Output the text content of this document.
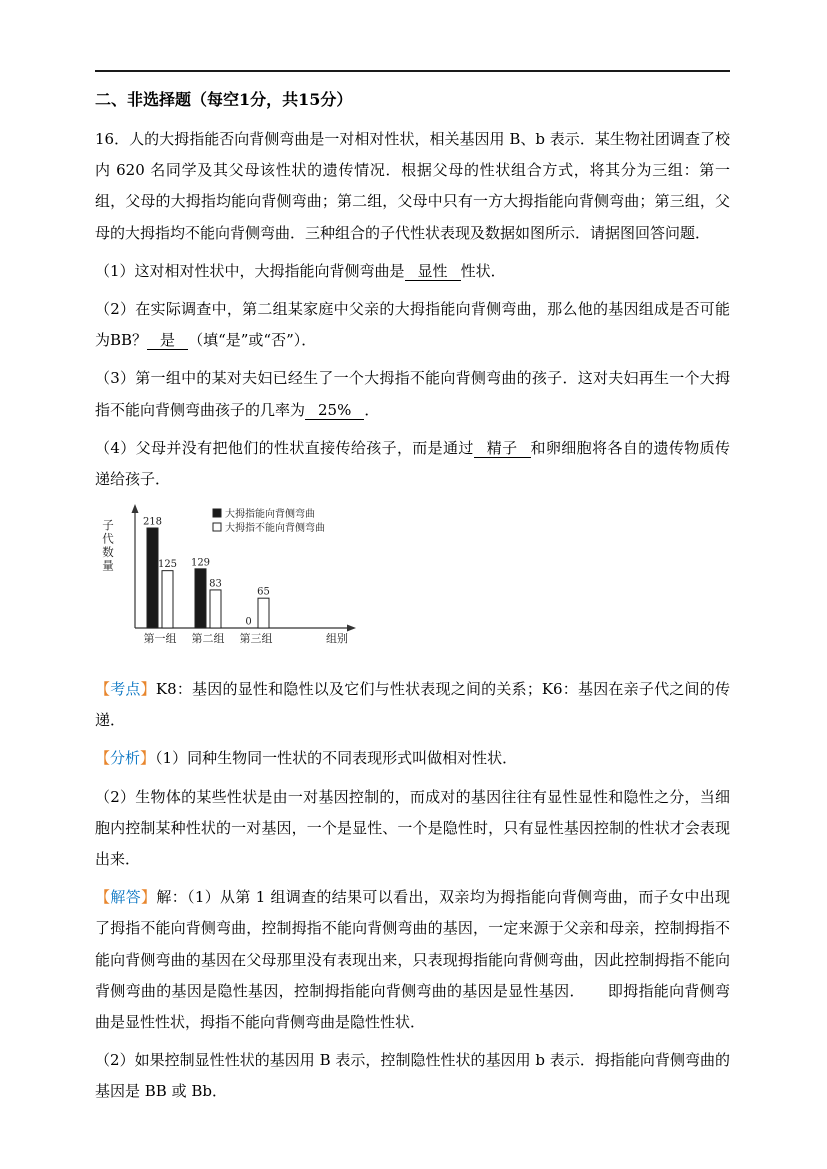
二、非选择题（每空1分，共15分）

16．人的大拇指能否向背侧弯曲是一对相对性状，相关基因用 B、b 表示．某生物社团调查了校内 620 名同学及其父母该性状的遗传情况．根据父母的性状组合方式，将其分为三组：第一组，父母的大拇指均能向背侧弯曲；第二组，父母中只有一方大拇指能向背侧弯曲；第三组，父母的大拇指均不能向背侧弯曲．三种组合的子代性状表现及数据如图所示．请据图回答问题．

（1）这对相对性状中，大拇指能向背侧弯曲是 显性 性状．

（2）在实际调查中，第二组某家庭中父亲的大拇指能向背侧弯曲，那么他的基因组成是否可能为BB？ 是 （填“是”或“否”）．

（3）第一组中的某对夫妇已经生了一个大拇指不能向背侧弯曲的孩子．这对夫妇再生一个大拇指不能向背侧弯曲孩子的几率为 25% ．

（4）父母并没有把他们的性状直接传给孩子，而是通过 精子 和卵细胞将各自的遗传物质传递给孩子．

子
代
数
量
218
125
第一组
129
83
第二组
0
65
第三组	组别
大拇指能向背侧弯曲
大拇指不能向背侧弯曲

【考点】K8：基因的显性和隐性以及它们与性状表现之间的关系；K6：基因在亲子代之间的传递．

【分析】（1）同种生物同一性状的不同表现形式叫做相对性状．

（2）生物体的某些性状是由一对基因控制的，而成对的基因往往有显性显性和隐性之分，当细胞内控制某种性状的一对基因，一个是显性、一个是隐性时，只有显性基因控制的性状才会表现出来．

【解答】解：（1）从第 1 组调查的结果可以看出，双亲均为拇指能向背侧弯曲，而子女中出现了拇指不能向背侧弯曲，控制拇指不能向背侧弯曲的基因，一定来源于父亲和母亲，控制拇指不能向背侧弯曲的基因在父母那里没有表现出来，只表现拇指能向背侧弯曲，因此控制拇指不能向背侧弯曲的基因是隐性基因，控制拇指能向背侧弯曲的基因是显性基因．　　即拇指能向背侧弯曲是显性性状，拇指不能向背侧弯曲是隐性性状．

（2）如果控制显性性状的基因用 B 表示，控制隐性性状的基因用 b 表示．拇指能向背侧弯曲的基因是 BB 或 Bb．
